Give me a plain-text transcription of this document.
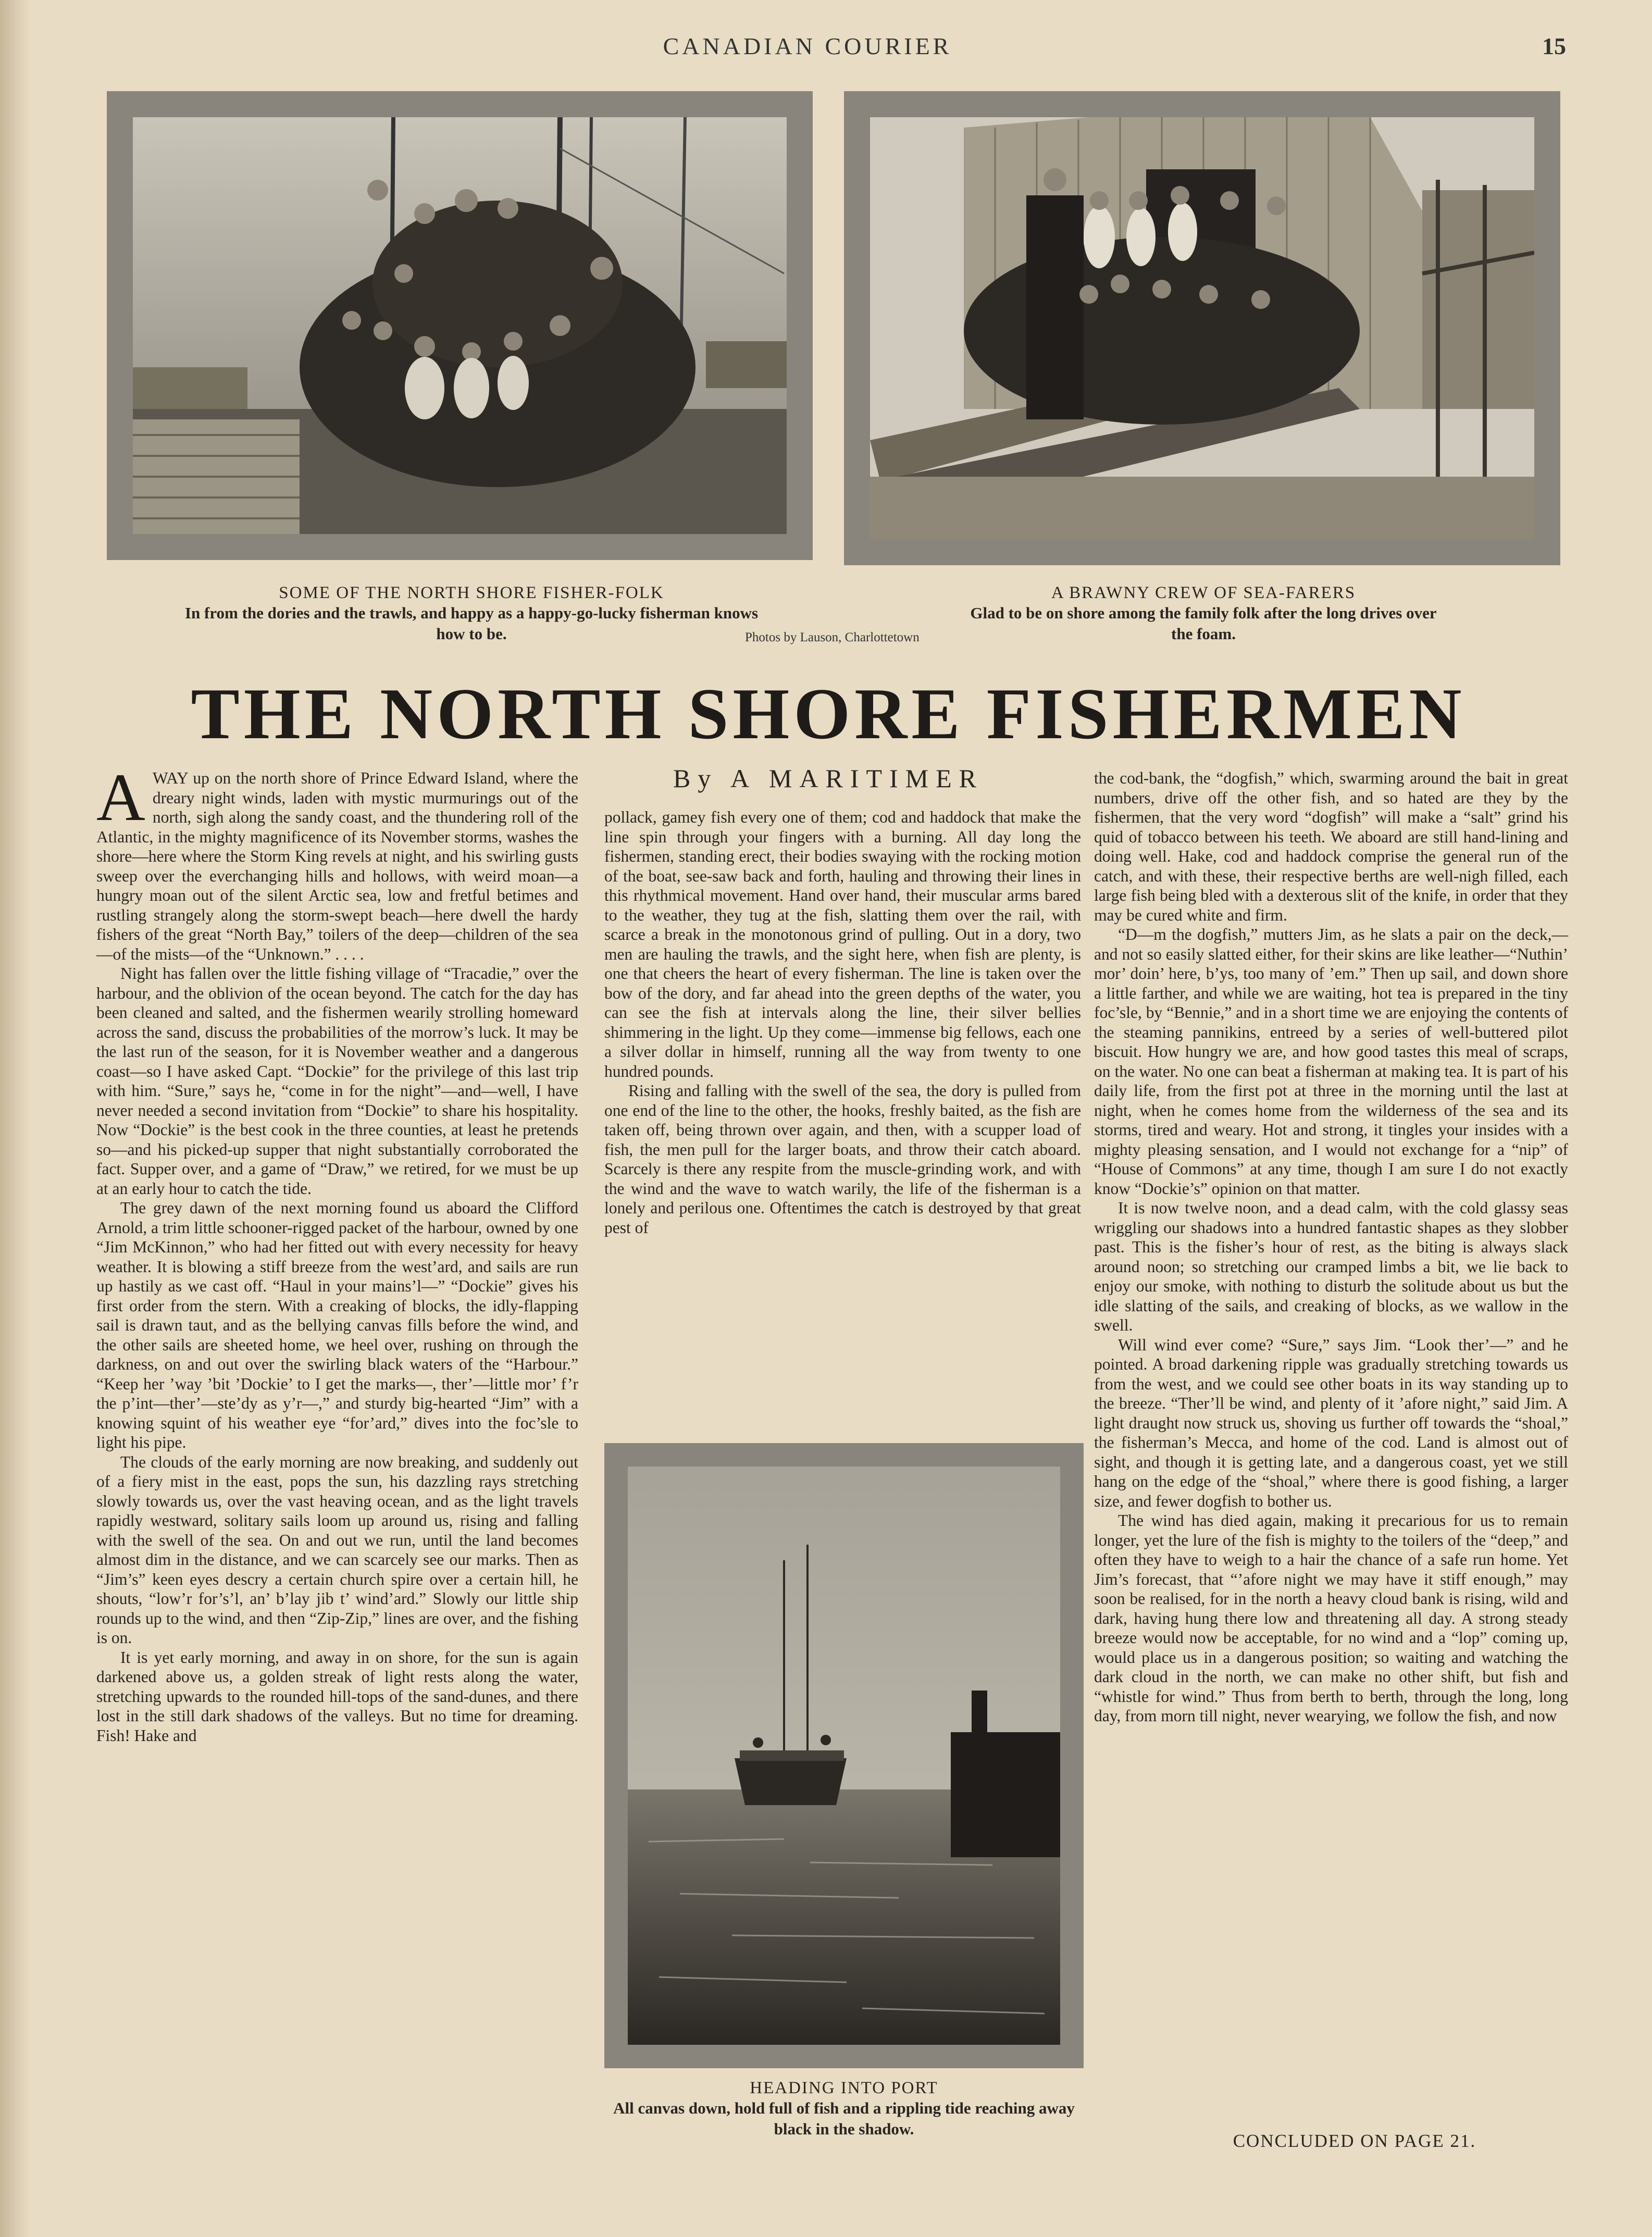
CANADIAN COURIER	15
SOME OF THE NORTH SHORE FISHER-FOLK
In from the dories and the trawls, and happy as a happy-go-lucky fisherman knows how to be.	Photos by Lauson, Charlottetown
A BRAWNY CREW OF SEA-FARERS
Glad to be on shore among the family folk after the long drives over the foam.
THE NORTH SHORE FISHERMEN
By A MARITIMER

AWAY up on the north shore of Prince Edward Island, where the dreary night winds, laden with mystic murmurings out of the north, sigh along the sandy coast, and the thundering roll of the Atlantic, in the mighty magnificence of its November storms, washes the shore—here where the Storm King revels at night, and his swirling gusts sweep over the everchanging hills and hollows, with weird moan—a hungry moan out of the silent Arctic sea, low and fretful betimes and rustling strangely along the storm-swept beach—here dwell the hardy fishers of the great “North Bay,” toilers of the deep—children of the sea—of the mists—of the “Unknown.” . . . .

Night has fallen over the little fishing village of “Tracadie,” over the harbour, and the oblivion of the ocean beyond. The catch for the day has been cleaned and salted, and the fishermen wearily strolling homeward across the sand, discuss the probabilities of the morrow’s luck. It may be the last run of the season, for it is November weather and a dangerous coast—so I have asked Capt. “Dockie” for the privilege of this last trip with him. “Sure,” says he, “come in for the night”—and—well, I have never needed a second invitation from “Dockie” to share his hospitality. Now “Dockie” is the best cook in the three counties, at least he pretends so—and his picked-up supper that night substantially corroborated the fact. Supper over, and a game of “Draw,” we retired, for we must be up at an early hour to catch the tide.

The grey dawn of the next morning found us aboard the Clifford Arnold, a trim little schooner-rigged packet of the harbour, owned by one “Jim McKinnon,” who had her fitted out with every necessity for heavy weather. It is blowing a stiff breeze from the west’ard, and sails are run up hastily as we cast off. “Haul in your mains’l—” “Dockie” gives his first order from the stern. With a creaking of blocks, the idly-flapping sail is drawn taut, and as the bellying canvas fills before the wind, and the other sails are sheeted home, we heel over, rushing on through the darkness, on and out over the swirling black waters of the “Harbour.” “Keep her ’way ’bit ’Dockie’ to I get the marks—, ther’—little mor’ f’r the p’int—ther’—ste’dy as y’r—,” and sturdy big-hearted “Jim” with a knowing squint of his weather eye “for’ard,” dives into the foc’sle to light his pipe.

The clouds of the early morning are now breaking, and suddenly out of a fiery mist in the east, pops the sun, his dazzling rays stretching slowly towards us, over the vast heaving ocean, and as the light travels rapidly westward, solitary sails loom up around us, rising and falling with the swell of the sea. On and out we run, until the land becomes almost dim in the distance, and we can scarcely see our marks. Then as “Jim’s” keen eyes descry a certain church spire over a certain hill, he shouts, “low’r for’s’l, an’ b’lay jib t’ wind’ard.” Slowly our little ship rounds up to the wind, and then “Zip-Zip,” lines are over, and the fishing is on.

It is yet early morning, and away in on shore, for the sun is again darkened above us, a golden streak of light rests along the water, stretching upwards to the rounded hill-tops of the sand-dunes, and there lost in the still dark shadows of the valleys. But no time for dreaming. Fish! Hake and

pollack, gamey fish every one of them; cod and haddock that make the line spin through your fingers with a burning. All day long the fishermen, standing erect, their bodies swaying with the rocking motion of the boat, see-saw back and forth, hauling and throwing their lines in this rhythmical movement. Hand over hand, their muscular arms bared to the weather, they tug at the fish, slatting them over the rail, with scarce a break in the monotonous grind of pulling. Out in a dory, two men are hauling the trawls, and the sight here, when fish are plenty, is one that cheers the heart of every fisherman. The line is taken over the bow of the dory, and far ahead into the green depths of the water, you can see the fish at intervals along the line, their silver bellies shimmering in the light. Up they come—immense big fellows, each one a silver dollar in himself, running all the way from twenty to one hundred pounds.

Rising and falling with the swell of the sea, the dory is pulled from one end of the line to the other, the hooks, freshly baited, as the fish are taken off, being thrown over again, and then, with a scupper load of fish, the men pull for the larger boats, and throw their catch aboard. Scarcely is there any respite from the muscle-grinding work, and with the wind and the wave to watch warily, the life of the fisherman is a lonely and perilous one. Oftentimes the catch is destroyed by that great pest of

HEADING INTO PORT
All canvas down, hold full of fish and a rippling tide reaching away black in the shadow.

the cod-bank, the “dogfish,” which, swarming around the bait in great numbers, drive off the other fish, and so hated are they by the fishermen, that the very word “dogfish” will make a “salt” grind his quid of tobacco between his teeth. We aboard are still hand-lining and doing well. Hake, cod and haddock comprise the general run of the catch, and with these, their respective berths are well-nigh filled, each large fish being bled with a dexterous slit of the knife, in order that they may be cured white and firm.

“D—m the dogfish,” mutters Jim, as he slats a pair on the deck,—and not so easily slatted either, for their skins are like leather—“Nuthin’ mor’ doin’ here, b’ys, too many of ’em.” Then up sail, and down shore a little farther, and while we are waiting, hot tea is prepared in the tiny foc’sle, by “Bennie,” and in a short time we are enjoying the contents of the steaming pannikins, entreed by a series of well-buttered pilot biscuit. How hungry we are, and how good tastes this meal of scraps, on the water. No one can beat a fisherman at making tea. It is part of his daily life, from the first pot at three in the morning until the last at night, when he comes home from the wilderness of the sea and its storms, tired and weary. Hot and strong, it tingles your insides with a mighty pleasing sensation, and I would not exchange for a “nip” of “House of Commons” at any time, though I am sure I do not exactly know “Dockie’s” opinion on that matter.

It is now twelve noon, and a dead calm, with the cold glassy seas wriggling our shadows into a hundred fantastic shapes as they slobber past. This is the fisher’s hour of rest, as the biting is always slack around noon; so stretching our cramped limbs a bit, we lie back to enjoy our smoke, with nothing to disturb the solitude about us but the idle slatting of the sails, and creaking of blocks, as we wallow in the swell.

Will wind ever come? “Sure,” says Jim. “Look ther’—” and he pointed. A broad darkening ripple was gradually stretching towards us from the west, and we could see other boats in its way standing up to the breeze. “Ther’ll be wind, and plenty of it ’afore night,” said Jim. A light draught now struck us, shoving us further off towards the “shoal,” the fisherman’s Mecca, and home of the cod. Land is almost out of sight, and though it is getting late, and a dangerous coast, yet we still hang on the edge of the “shoal,” where there is good fishing, a larger size, and fewer dogfish to bother us.

The wind has died again, making it precarious for us to remain longer, yet the lure of the fish is mighty to the toilers of the “deep,” and often they have to weigh to a hair the chance of a safe run home. Yet Jim’s forecast, that “’afore night we may have it stiff enough,” may soon be realised, for in the north a heavy cloud bank is rising, wild and dark, having hung there low and threatening all day. A strong steady breeze would now be acceptable, for no wind and a “lop” coming up, would place us in a dangerous position; so waiting and watching the dark cloud in the north, we can make no other shift, but fish and “whistle for wind.” Thus from berth to berth, through the long, long day, from morn till night, never wearying, we follow the fish, and now

CONCLUDED ON PAGE 21.
